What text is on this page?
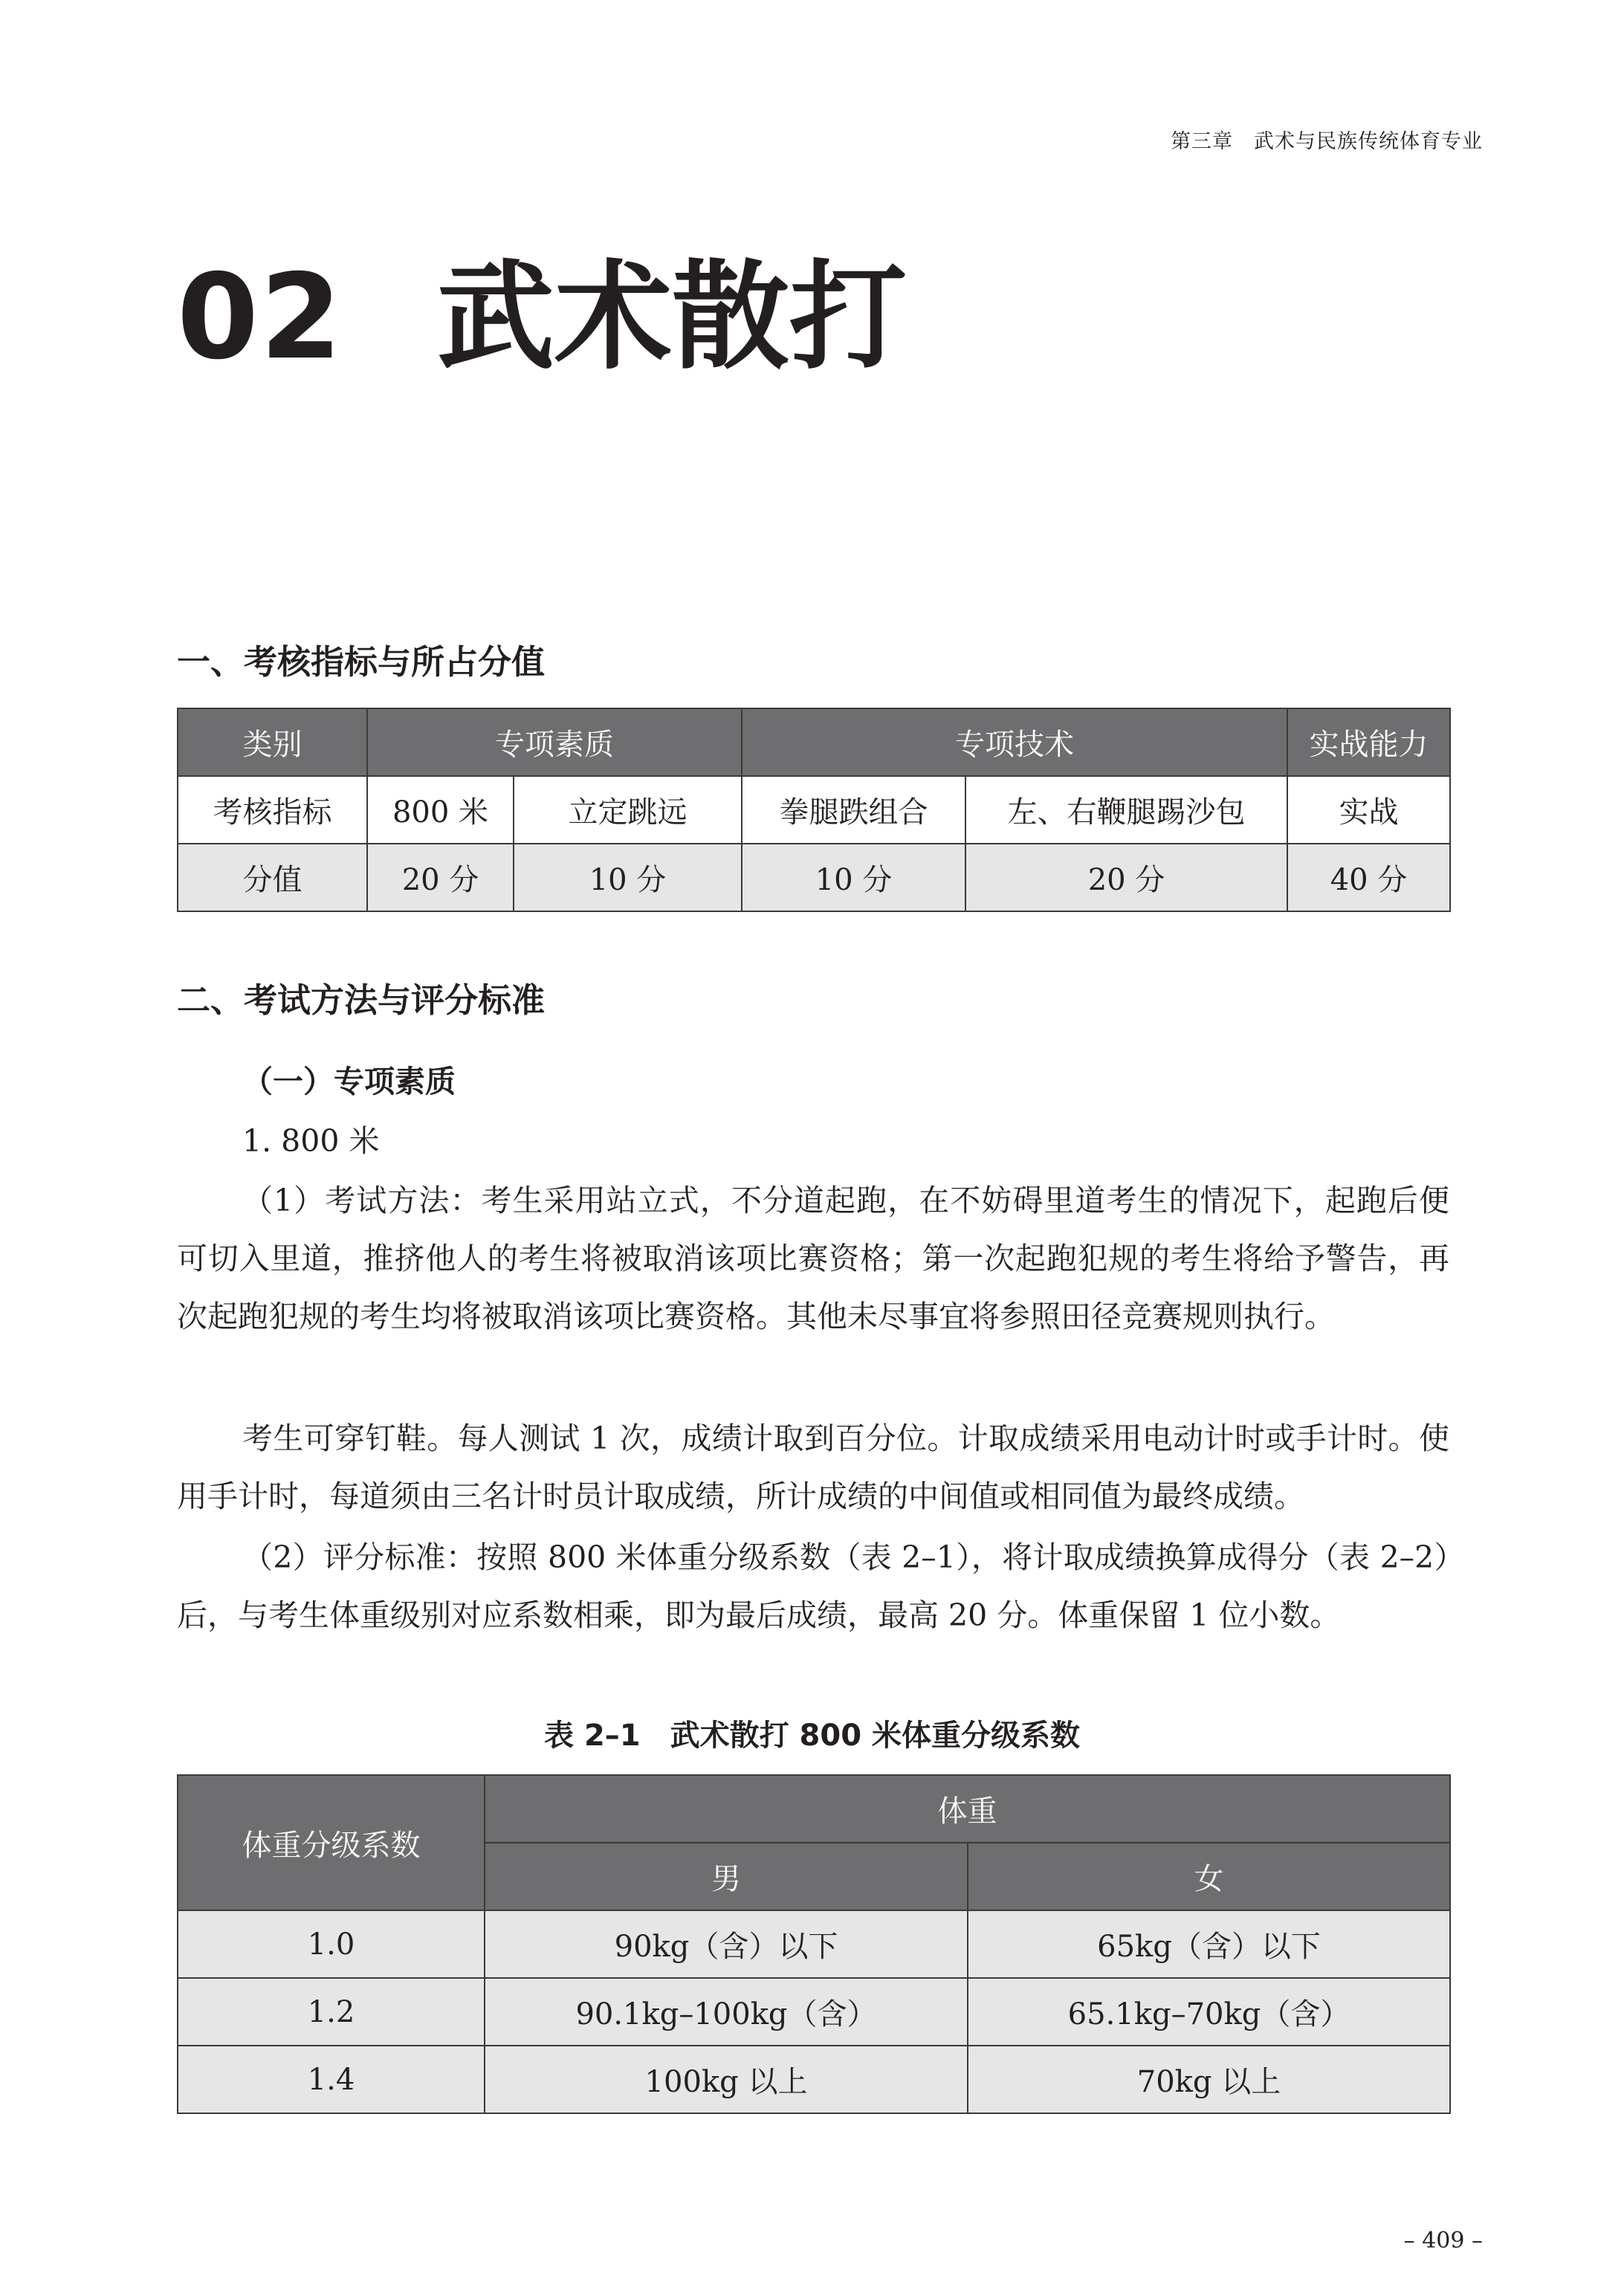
第三章 武术与民族传统体育专业
02 武术散打
一、考核指标与所占分值
类别	专项素质		专项技术		实战能力
考核指标	800 米	立定跳远	拳腿跌组合	左、右鞭腿踢沙包	实战
分值	20 分	10 分	10 分	20 分	40 分
二、考试方法与评分标准
（一）专项素质
1. 800 米
（1）考试方法：考生采用站立式，不分道起跑，在不妨碍里道考生的情况下，起跑后便可切入里道，推挤他人的考生将被取消该项比赛资格；第一次起跑犯规的考生将给予警告，再次起跑犯规的考生均将被取消该项比赛资格。其他未尽事宜将参照田径竞赛规则执行。
考生可穿钉鞋。每人测试 1 次，成绩计取到百分位。计取成绩采用电动计时或手计时。使用手计时，每道须由三名计时员计取成绩，所计成绩的中间值或相同值为最终成绩。
（2）评分标准：按照 800 米体重分级系数（表 2–1），将计取成绩换算成得分（表 2–2）后，与考生体重级别对应系数相乘，即为最后成绩，最高 20 分。体重保留 1 位小数。
表 2–1　武术散打 800 米体重分级系数
体重分级系数	体重	
	男	女
1.0	90kg（含）以下	65kg（含）以下
1.2	90.1kg–100kg（含）	65.1kg–70kg（含）
1.4	100kg 以上	70kg 以上
– 409 –
